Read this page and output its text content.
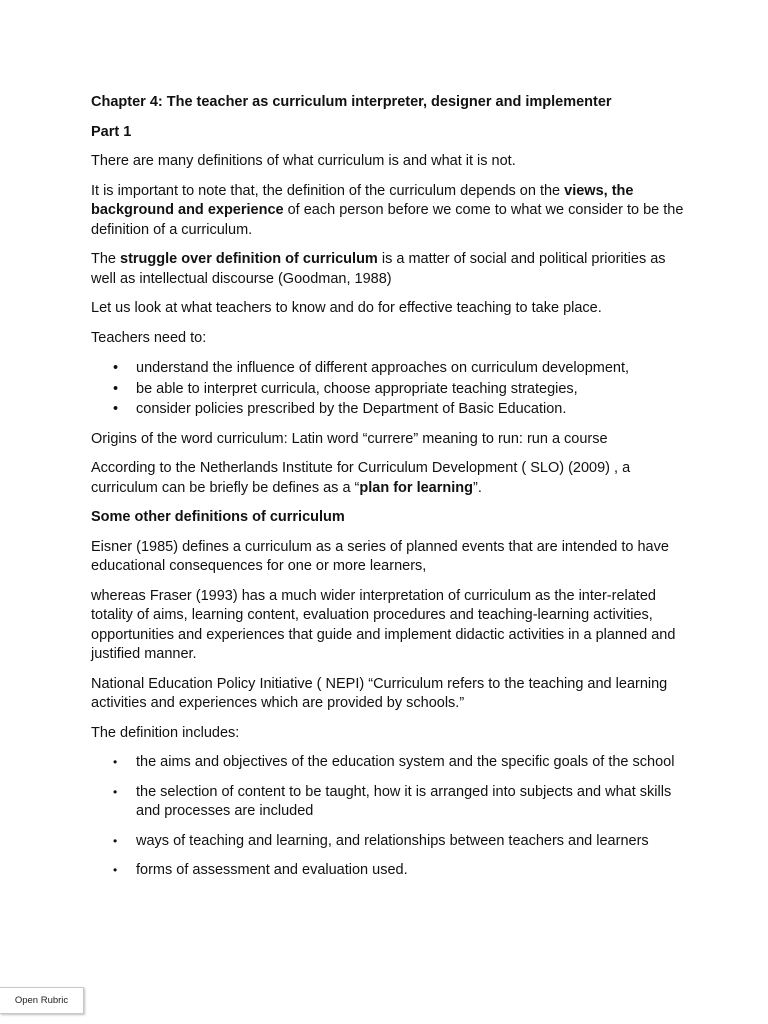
Chapter 4: The teacher as curriculum interpreter, designer and implementer

Part 1

There are many definitions of what curriculum is and what it is not.

It is important to note that, the definition of the curriculum depends on the views, the background and experience of each person before we come to what we consider to be the definition of a curriculum.

The struggle over definition of curriculum is a matter of social and political priorities as well as intellectual discourse (Goodman, 1988)

Let us look at what teachers to know and do for effective teaching to take place.

Teachers need to:

• understand the influence of different approaches on curriculum development,
• be able to interpret curricula, choose appropriate teaching strategies,
• consider policies prescribed by the Department of Basic Education.

Origins of the word curriculum: Latin word “currere” meaning to run: run a course

According to the Netherlands Institute for Curriculum Development ( SLO) (2009) , a curriculum can be briefly be defines as a “plan for learning”.

Some other definitions of curriculum

Eisner (1985) defines a curriculum as a series of planned events that are intended to have educational consequences for one or more learners,

whereas Fraser (1993) has a much wider interpretation of curriculum as the inter-related totality of aims, learning content, evaluation procedures and teaching-learning activities, opportunities and experiences that guide and implement didactic activities in a planned and justified manner.

National Education Policy Initiative ( NEPI) “Curriculum refers to the teaching and learning activities and experiences which are provided by schools.”

The definition includes:

• the aims and objectives of the education system and the specific goals of the school
• the selection of content to be taught, how it is arranged into subjects and what skills and processes are included
• ways of teaching and learning, and relationships between teachers and learners
• forms of assessment and evaluation used.
Open Rubric
